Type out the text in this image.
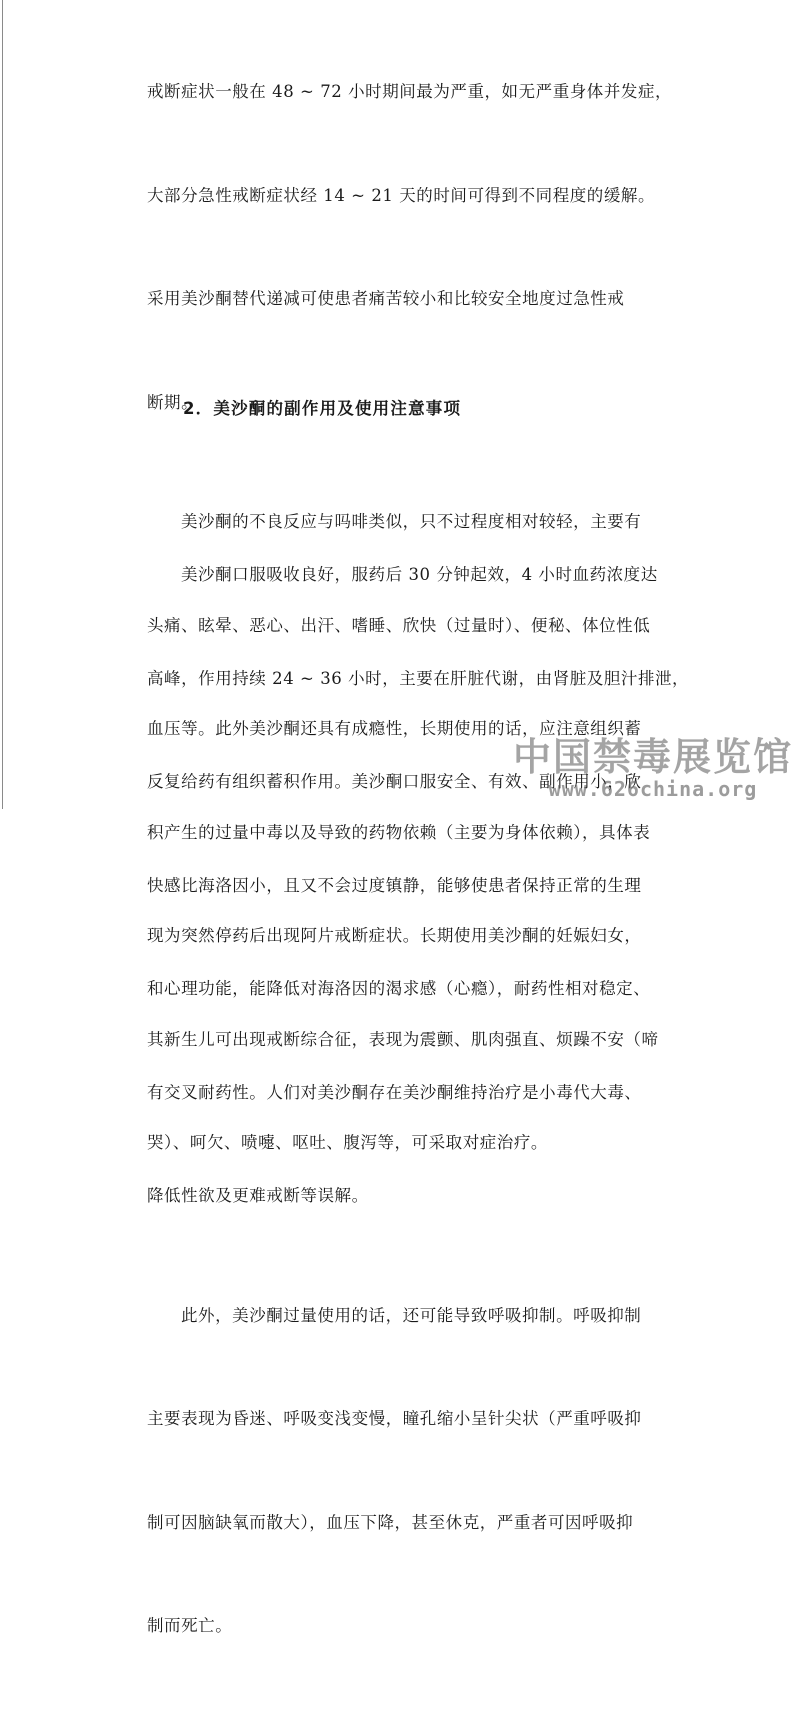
戒断症状一般在 48 ~ 72 小时期间最为严重，如无严重身体并发症，

大部分急性戒断症状经 14 ~ 21 天的时间可得到不同程度的缓解。

采用美沙酮替代递减可使患者痛苦较小和比较安全地度过急性戒

断期。

美沙酮口服吸收良好，服药后 30 分钟起效，4 小时血药浓度达

高峰，作用持续 24 ~ 36 小时，主要在肝脏代谢，由肾脏及胆汁排泄，

反复给药有组织蓄积作用。美沙酮口服安全、有效、副作用小，欣

快感比海洛因小，且又不会过度镇静，能够使患者保持正常的生理

和心理功能，能降低对海洛因的渴求感（心瘾），耐药性相对稳定、

有交叉耐药性。人们对美沙酮存在美沙酮维持治疗是小毒代大毒、

降低性欲及更难戒断等误解。

2．美沙酮的副作用及使用注意事项

美沙酮的不良反应与吗啡类似，只不过程度相对较轻，主要有

头痛、眩晕、恶心、出汗、嗜睡、欣快（过量时）、便秘、体位性低

血压等。此外美沙酮还具有成瘾性，长期使用的话，应注意组织蓄

积产生的过量中毒以及导致的药物依赖（主要为身体依赖），具体表

现为突然停药后出现阿片戒断症状。长期使用美沙酮的妊娠妇女，

其新生儿可出现戒断综合征，表现为震颤、肌肉强直、烦躁不安（啼

哭）、呵欠、喷嚏、呕吐、腹泻等，可采取对症治疗。

此外，美沙酮过量使用的话，还可能导致呼吸抑制。呼吸抑制

主要表现为昏迷、呼吸变浅变慢，瞳孔缩小呈针尖状（严重呼吸抑

制可因脑缺氧而散大），血压下降，甚至休克，严重者可因呼吸抑

制而死亡。

中国禁毒展览馆
www.626china.org
